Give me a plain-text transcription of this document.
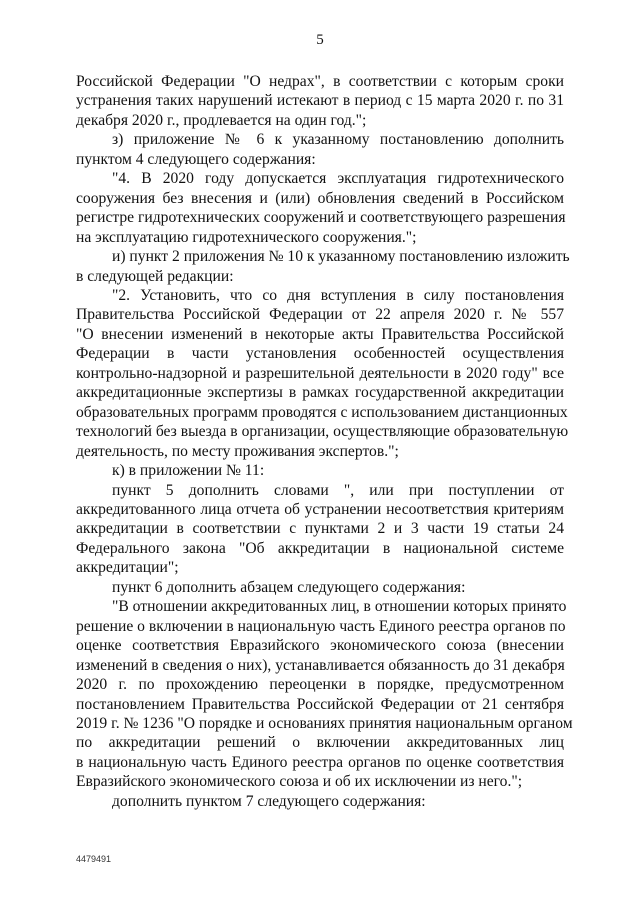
5
Российской Федерации "О недрах", в соответствии с которым сроки
устранения таких нарушений истекают в период с 15 марта 2020 г. по 31
декабря 2020 г., продлевается на один год.";
з) приложение № 6 к указанному постановлению дополнить
пунктом 4 следующего содержания:
"4. В 2020 году допускается эксплуатация гидротехнического
сооружения без внесения и (или) обновления сведений в Российском
регистре гидротехнических сооружений и соответствующего разрешения
на эксплуатацию гидротехнического сооружения.";
и) пункт 2 приложения № 10 к указанному постановлению изложить
в следующей редакции:
"2. Установить, что со дня вступления в силу постановления
Правительства Российской Федерации от 22 апреля 2020 г. № 557
"О внесении изменений в некоторые акты Правительства Российской
Федерации в части установления особенностей осуществления
контрольно-надзорной и разрешительной деятельности в 2020 году" все
аккредитационные экспертизы в рамках государственной аккредитации
образовательных программ проводятся с использованием дистанционных
технологий без выезда в организации, осуществляющие образовательную
деятельность, по месту проживания экспертов.";
к) в приложении № 11:
пункт 5 дополнить словами ", или при поступлении от
аккредитованного лица отчета об устранении несоответствия критериям
аккредитации в соответствии с пунктами 2 и 3 части 19 статьи 24
Федерального закона "Об аккредитации в национальной системе
аккредитации";
пункт 6 дополнить абзацем следующего содержания:
"В отношении аккредитованных лиц, в отношении которых принято
решение о включении в национальную часть Единого реестра органов по
оценке соответствия Евразийского экономического союза (внесении
изменений в сведения о них), устанавливается обязанность до 31 декабря
2020 г. по прохождению переоценки в порядке, предусмотренном
постановлением Правительства Российской Федерации от 21 сентября
2019 г. № 1236 "О порядке и основаниях принятия национальным органом
по аккредитации решений о включении аккредитованных лиц
в национальную часть Единого реестра органов по оценке соответствия
Евразийского экономического союза и об их исключении из него.";
дополнить пунктом 7 следующего содержания:
4479491
